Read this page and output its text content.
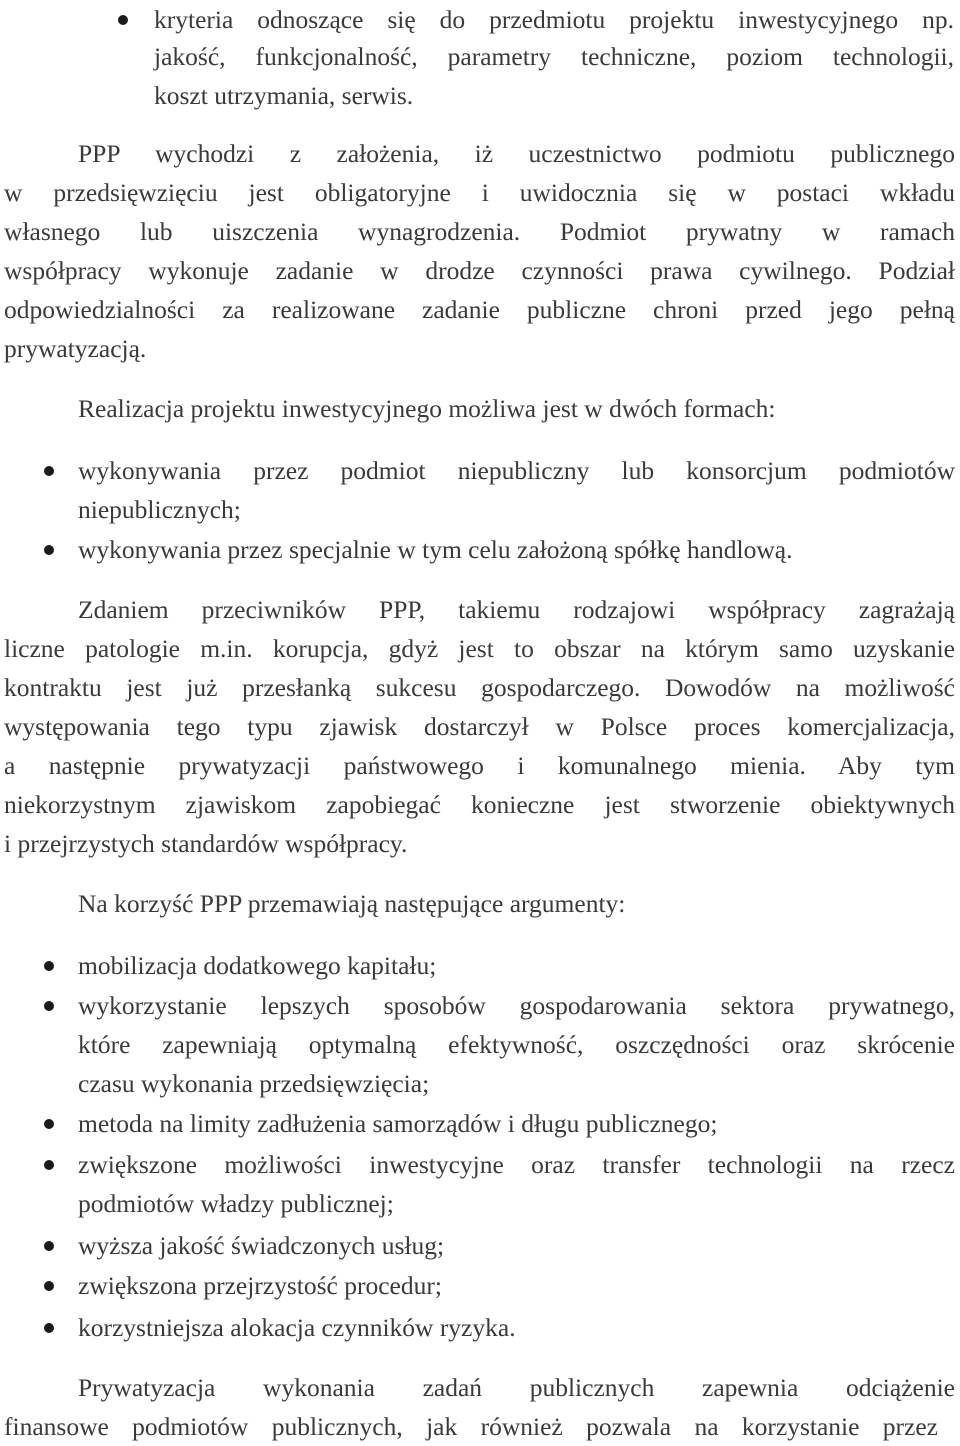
kryteria odnoszące się do przedmiotu projektu inwestycyjnego np.
jakość, funkcjonalność, parametry techniczne, poziom technologii,
koszt utrzymania, serwis.
PPP wychodzi z założenia, iż uczestnictwo podmiotu publicznego
w przedsięwzięciu jest obligatoryjne i uwidocznia się w postaci wkładu
własnego lub uiszczenia wynagrodzenia. Podmiot prywatny w ramach
współpracy wykonuje zadanie w drodze czynności prawa cywilnego. Podział
odpowiedzialności za realizowane zadanie publiczne chroni przed jego pełną
prywatyzacją.
Realizacja projektu inwestycyjnego możliwa jest w dwóch formach:
wykonywania przez podmiot niepubliczny lub konsorcjum podmiotów
niepublicznych;
wykonywania przez specjalnie w tym celu założoną spółkę handlową.
Zdaniem przeciwników PPP, takiemu rodzajowi współpracy zagrażają
liczne patologie m.in. korupcja, gdyż jest to obszar na którym samo uzyskanie
kontraktu jest już przesłanką sukcesu gospodarczego. Dowodów na możliwość
występowania tego typu zjawisk dostarczył w Polsce proces komercjalizacja,
a następnie prywatyzacji państwowego i komunalnego mienia. Aby tym
niekorzystnym zjawiskom zapobiegać konieczne jest stworzenie obiektywnych
i przejrzystych standardów współpracy.
Na korzyść PPP przemawiają następujące argumenty:
mobilizacja dodatkowego kapitału;
wykorzystanie lepszych sposobów gospodarowania sektora prywatnego,
które zapewniają optymalną efektywność, oszczędności oraz skrócenie
czasu wykonania przedsięwzięcia;
metoda na limity zadłużenia samorządów i długu publicznego;
zwiększone możliwości inwestycyjne oraz transfer technologii na rzecz
podmiotów władzy publicznej;
wyższa jakość świadczonych usług;
zwiększona przejrzystość procedur;
korzystniejsza alokacja czynników ryzyka.
Prywatyzacja wykonania zadań publicznych zapewnia odciążenie
finansowe podmiotów publicznych, jak również pozwala na korzystanie przez
